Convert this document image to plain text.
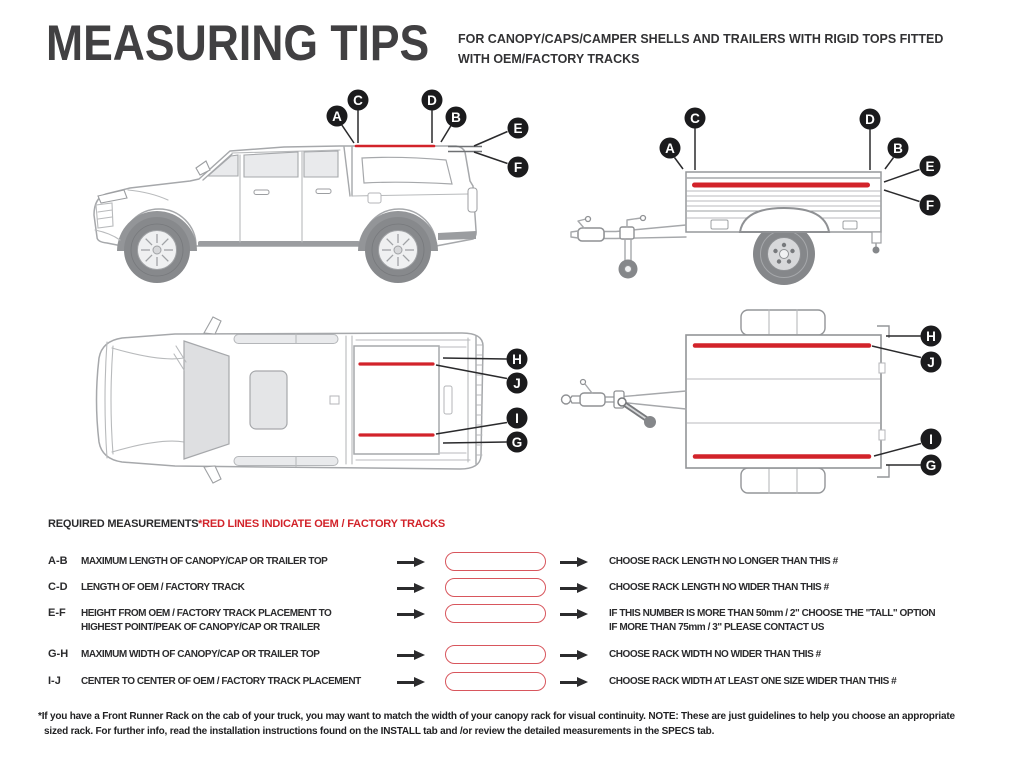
MEASURING TIPS FOR CANOPY/CAPS/CAMPER SHELLS AND TRAILERS WITH RIGID TOPS FITTED
WITH OEM/FACTORY TRACKS
A
C	D
B
E
F
A
C	D
B
E
F
H
J
I
G
H
J
I
G
REQUIRED MEASUREMENTS *RED LINES INDICATE OEM / FACTORY TRACKS
A-B MAXIMUM LENGTH OF CANOPY/CAP OR TRAILER TOP	CHOOSE RACK LENGTH NO LONGER THAN THIS #
C-D LENGTH OF OEM / FACTORY TRACK	CHOOSE RACK LENGTH NO WIDER THAN THIS #
E-F HEIGHT FROM OEM / FACTORY TRACK PLACEMENT TO
HIGHEST POINT/PEAK OF CANOPY/CAP OR TRAILER
IF THIS NUMBER IS MORE THAN 50mm / 2" CHOOSE THE "TALL" OPTION
IF MORE THAN 75mm / 3" PLEASE CONTACT US
G-H MAXIMUM WIDTH OF CANOPY/CAP OR TRAILER TOP	CHOOSE RACK WIDTH NO WIDER THAN THIS #
I-J CENTER TO CENTER OF OEM / FACTORY TRACK PLACEMENT	CHOOSE RACK WIDTH AT LEAST ONE SIZE WIDER THAN THIS #
*If you have a Front Runner Rack on the cab of your truck, you may want to match the width of your canopy rack for visual continuity. NOTE: These are just guidelines to help you choose an appropriate
sized rack. For further info, read the installation instructions found on the INSTALL tab and /or review the detailed measurements in the SPECS tab.
